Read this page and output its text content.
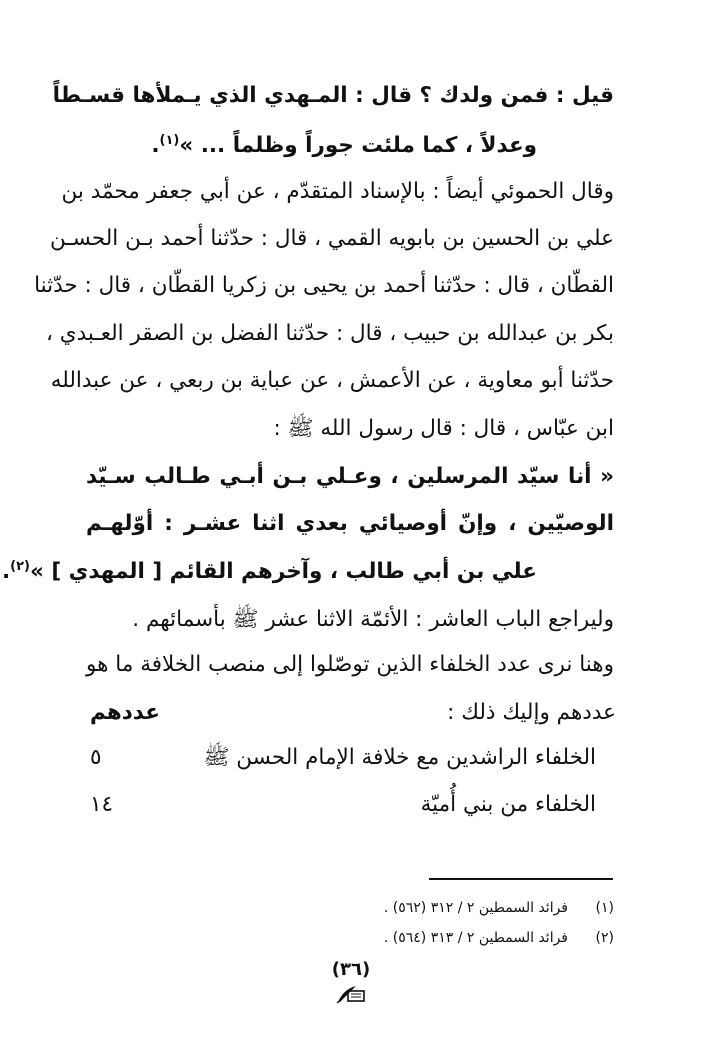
قيل : فمن ولدك ؟ قال : المـهدي الذي يـملأها قسـطاً
وعدلاً ، كما ملئت جوراً وظلماً ... »$^{(١)}$.
وقال الحموئي أيضاً : بالإسناد المتقدّم ، عن أبي جعفر محمّد بن
علي بن الحسين بن بابويه القمي ، قال : حدّثنا أحمد بـن الحسـن
القطّان ، قال : حدّثنا أحمد بن يحيى بن زكريا القطّان ، قال : حدّثنا
بكر بن عبدالله بن حبيب ، قال : حدّثنا الفضل بن الصقر العـبدي ،
حدّثنا أبو معاوية ، عن الأعمش ، عن عباية بن ربعي ، عن عبدالله
ابن عبّاس ، قال : قال رسول الله ﷺ :
« أنا سيّد المرسلين ، وعـلي بـن أبـي طـالب سـيّد
الوصيّين ، وإنّ أوصيائي بعدي اثنا عشـر : أوّلهـم
علي بن أبي طالب ، وآخرهم القائم [ المهدي ] »$^{(٢)}$.
وليراجع الباب العاشر : الأئمّة الاثنا عشر ﷺ بأسمائهم .
وهنا نرى عدد الخلفاء الذين توصّلوا إلى منصب الخلافة ما هو
عددهم وإليك ذلك :
عددهم
الخلفاء الراشدين مع خلافة الإمام الحسن ﷺ
٥
الخلفاء من بني أُميّة
١٤
(١)فرائد السمطين ٢ / ٣١٢ (٥٦٢) .
(٢)فرائد السمطين ٢ / ٣١٣ (٥٦٤) .
(٣٦)
